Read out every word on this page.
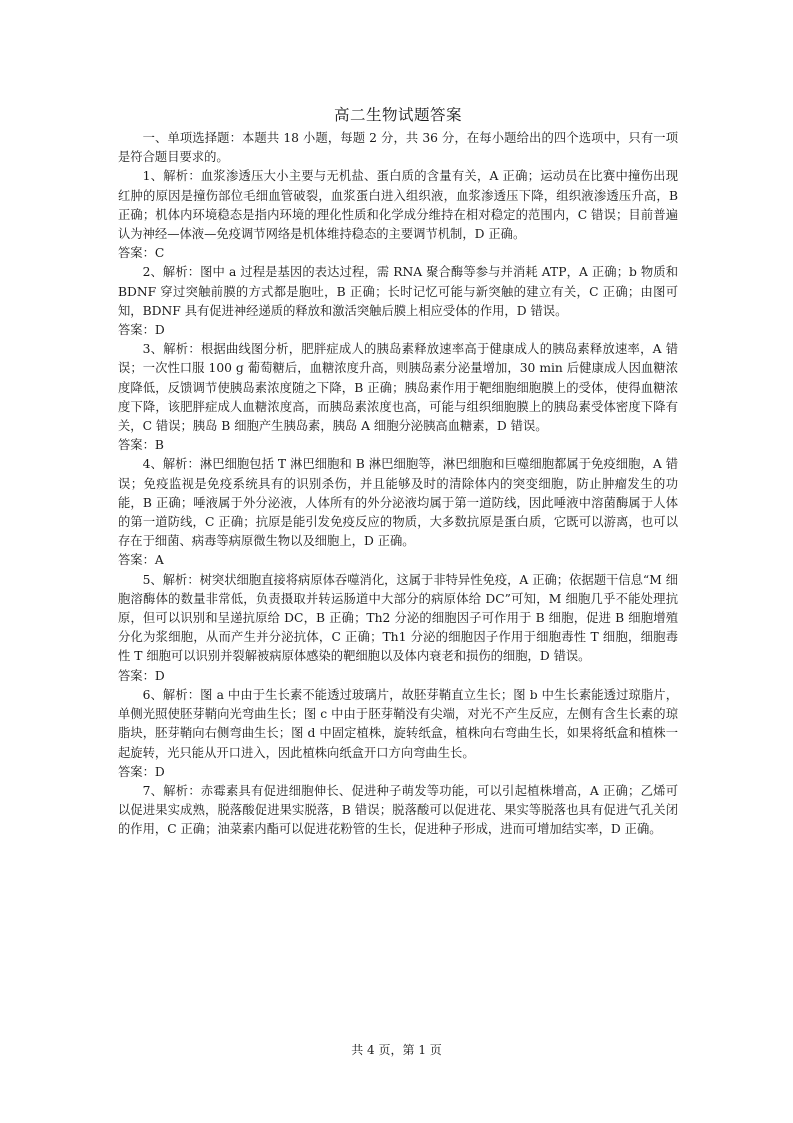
高二生物试题答案

一、单项选择题：本题共 18 小题，每题 2 分，共 36 分，在每小题给出的四个选项中，只有一项是符合题目要求的。

1、解析：血浆渗透压大小主要与无机盐、蛋白质的含量有关，A 正确；运动员在比赛中撞伤出现红肿的原因是撞伤部位毛细血管破裂，血浆蛋白进入组织液，血浆渗透压下降，组织液渗透压升高，B 正确；机体内环境稳态是指内环境的理化性质和化学成分维持在相对稳定的范围内，C 错误；目前普遍认为神经—体液—免疫调节网络是机体维持稳态的主要调节机制，D 正确。

答案：C

2、解析：图中 a 过程是基因的表达过程，需 RNA 聚合酶等参与并消耗 ATP，A 正确；b 物质和 BDNF 穿过突触前膜的方式都是胞吐，B 正确；长时记忆可能与新突触的建立有关，C 正确；由图可知，BDNF 具有促进神经递质的释放和激活突触后膜上相应受体的作用，D 错误。

答案：D

3、解析：根据曲线图分析，肥胖症成人的胰岛素释放速率高于健康成人的胰岛素释放速率，A 错误；一次性口服 100 g 葡萄糖后，血糖浓度升高，则胰岛素分泌量增加，30 min 后健康成人因血糖浓度降低，反馈调节使胰岛素浓度随之下降，B 正确；胰岛素作用于靶细胞细胞膜上的受体，使得血糖浓度下降，该肥胖症成人血糖浓度高，而胰岛素浓度也高，可能与组织细胞膜上的胰岛素受体密度下降有关，C 错误；胰岛 B 细胞产生胰岛素，胰岛 A 细胞分泌胰高血糖素，D 错误。

答案：B

4、解析：淋巴细胞包括 T 淋巴细胞和 B 淋巴细胞等，淋巴细胞和巨噬细胞都属于免疫细胞，A 错误；免疫监视是免疫系统具有的识别杀伤，并且能够及时的清除体内的突变细胞，防止肿瘤发生的功能，B 正确；唾液属于外分泌液，人体所有的外分泌液均属于第一道防线，因此唾液中溶菌酶属于人体的第一道防线，C 正确；抗原是能引发免疫反应的物质，大多数抗原是蛋白质，它既可以游离，也可以存在于细菌、病毒等病原微生物以及细胞上，D 正确。

答案：A

5、解析：树突状细胞直接将病原体吞噬消化，这属于非特异性免疫，A 正确；依据题干信息“M 细胞溶酶体的数量非常低，负责摄取并转运肠道中大部分的病原体给 DC”可知，M 细胞几乎不能处理抗原，但可以识别和呈递抗原给 DC，B 正确；Th2 分泌的细胞因子可作用于 B 细胞，促进 B 细胞增殖分化为浆细胞，从而产生并分泌抗体，C 正确；Th1 分泌的细胞因子作用于细胞毒性 T 细胞，细胞毒性 T 细胞可以识别并裂解被病原体感染的靶细胞以及体内衰老和损伤的细胞，D 错误。

答案：D

6、解析：图 a 中由于生长素不能透过玻璃片，故胚芽鞘直立生长；图 b 中生长素能透过琼脂片，单侧光照使胚芽鞘向光弯曲生长；图 c 中由于胚芽鞘没有尖端，对光不产生反应，左侧有含生长素的琼脂块，胚芽鞘向右侧弯曲生长；图 d 中固定植株，旋转纸盒，植株向右弯曲生长，如果将纸盒和植株一起旋转，光只能从开口进入，因此植株向纸盒开口方向弯曲生长。

答案：D

7、解析：赤霉素具有促进细胞伸长、促进种子萌发等功能，可以引起植株增高，A 正确；乙烯可以促进果实成熟，脱落酸促进果实脱落，B 错误；脱落酸可以促进花、果实等脱落也具有促进气孔关闭的作用，C 正确；油菜素内酯可以促进花粉管的生长，促进种子形成，进而可增加结实率，D 正确。

共 4 页，第 1 页
